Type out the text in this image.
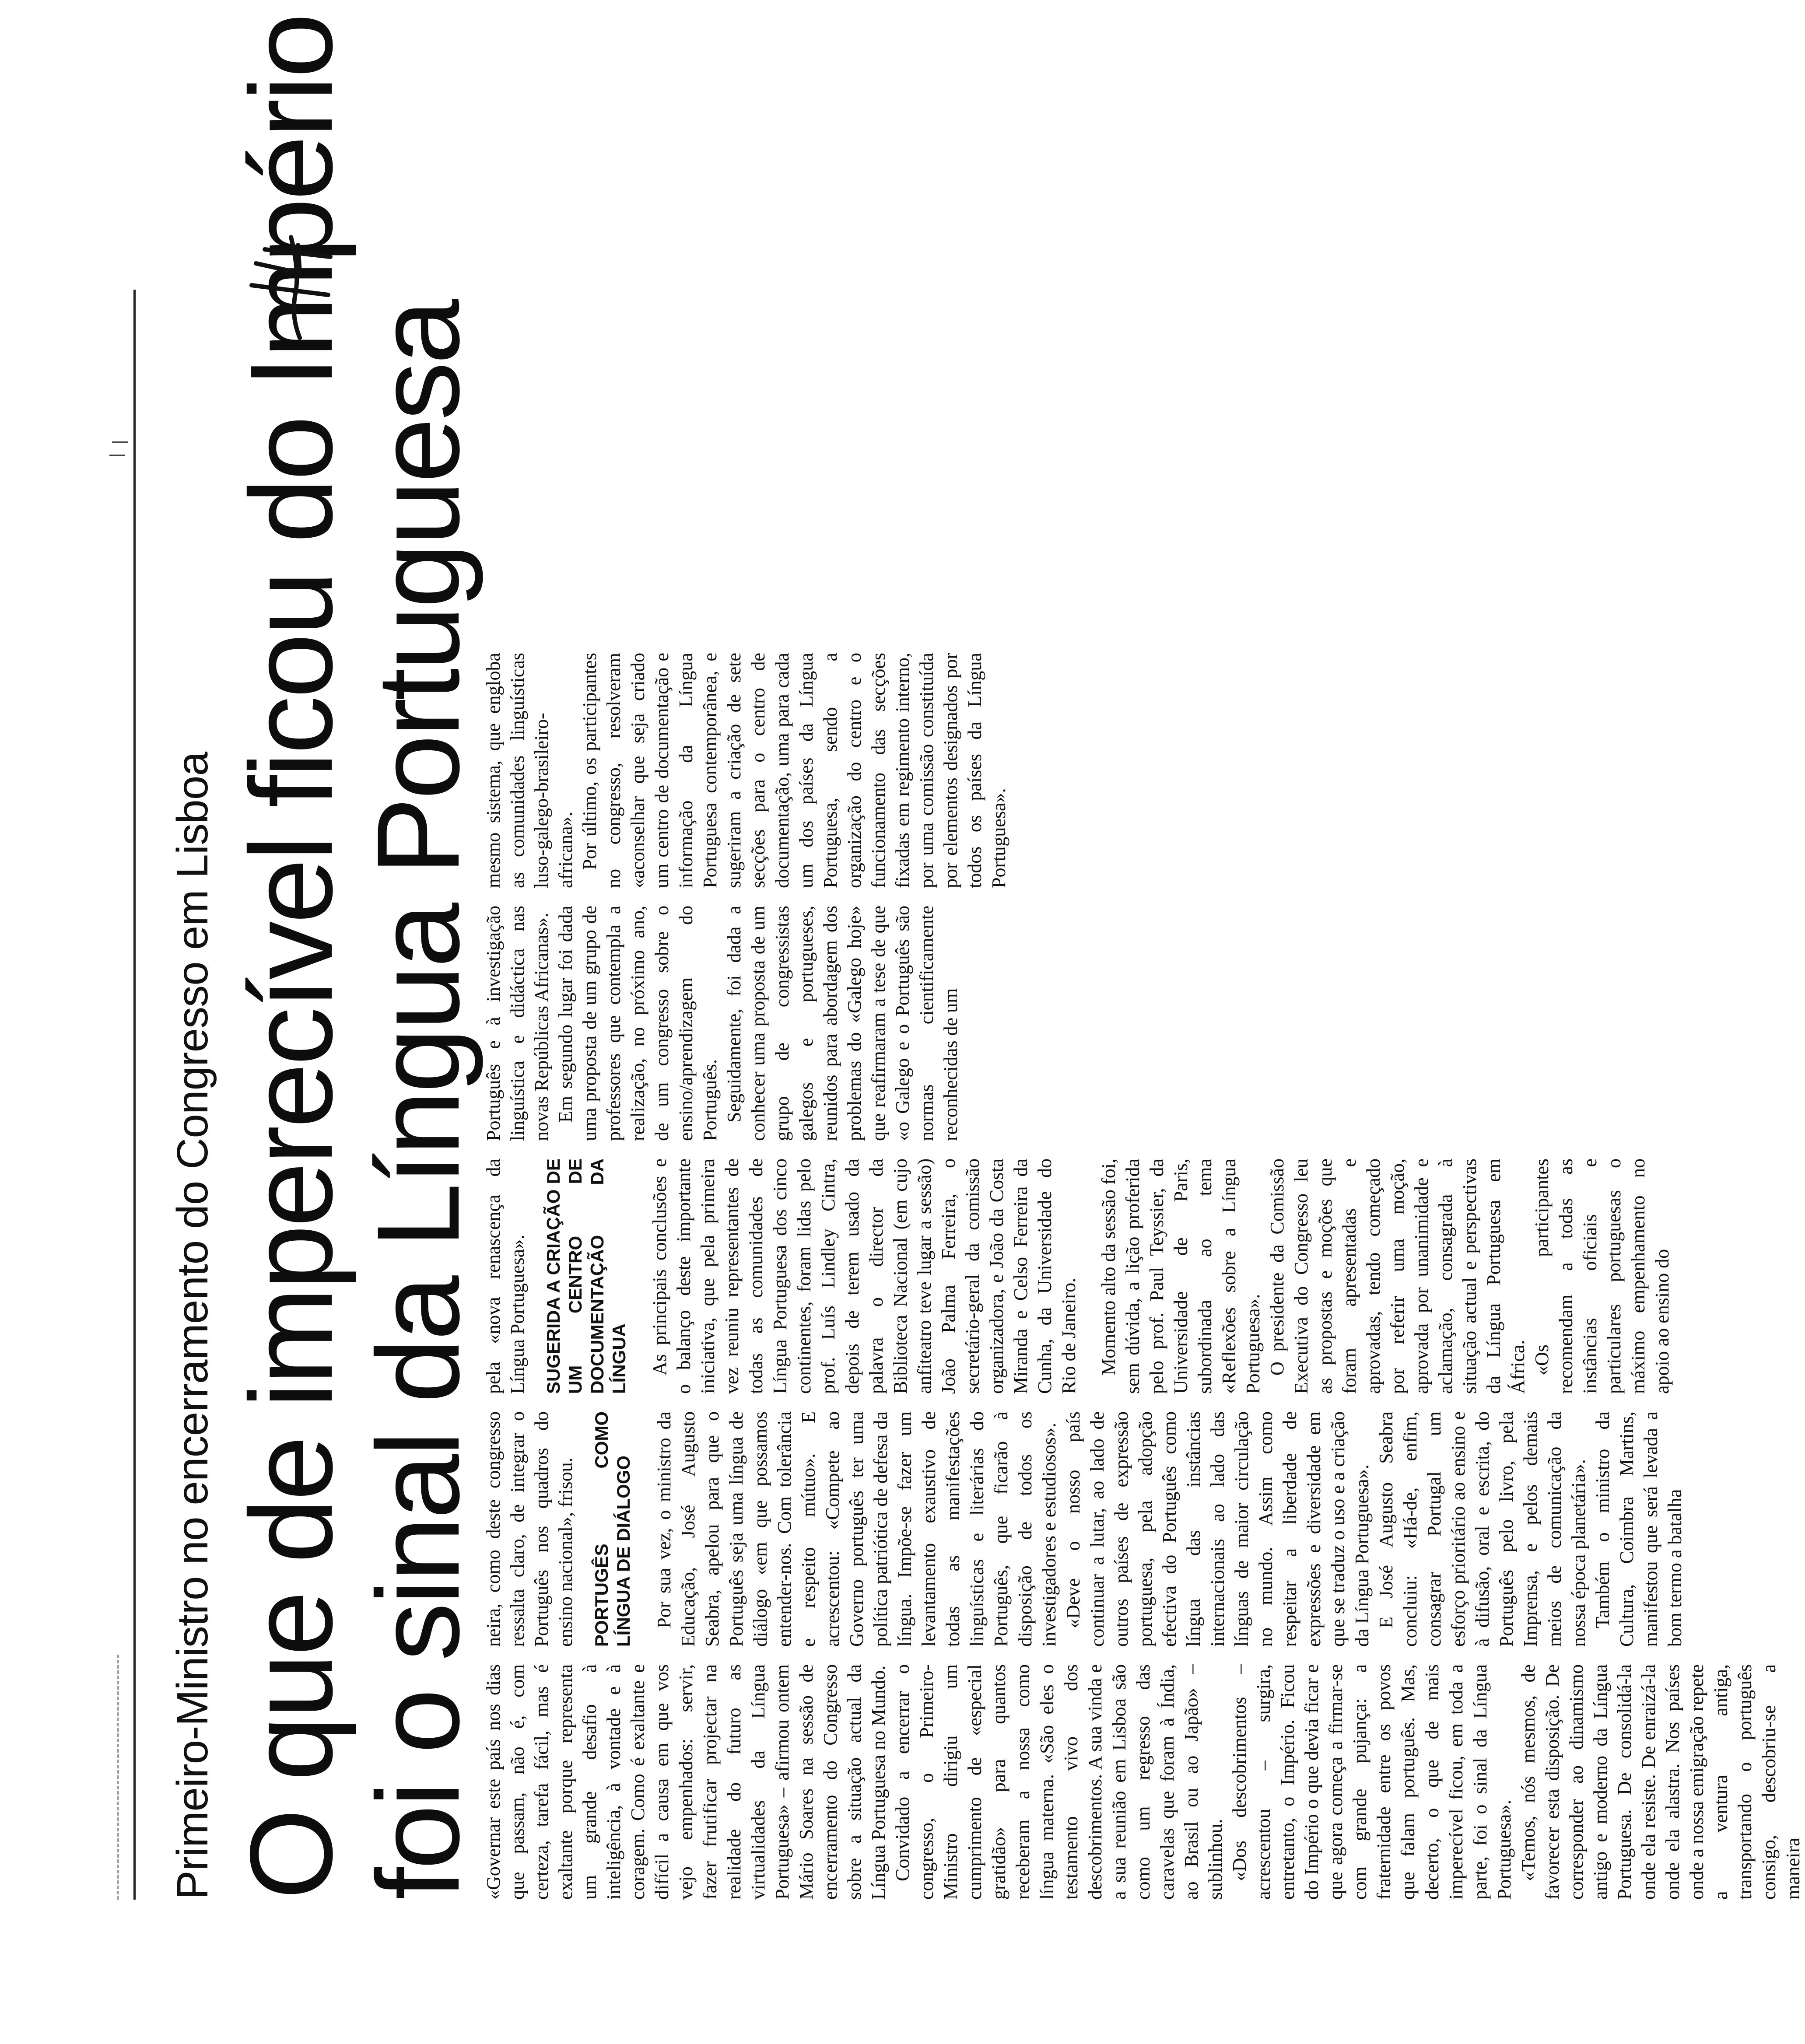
Primeiro-Ministro no encerramento do Congresso em Lisboa O que de imperecível ficou do Império
foi o sinal da Língua Portuguesa

«Governar este país nos dias que passam, não é, com certeza, tarefa fácil, mas é exaltante porque representa um grande desafio à inteligência, à vontade e à coragem. Como é exaltante e difícil a causa em que vos vejo empenhados: servir, fazer frutificar projectar na realidade do futuro as virtualidades da Língua Portuguesa» – afirmou ontem Mário Soares na sessão de encerramento do Congresso sobre a situação actual da Língua Portuguesa no Mundo. Convidado a encerrar o congresso, o Primeiro-Ministro dirigiu um cumprimento de «especial gratidão» para quantos receberam a nossa como língua materna. «São eles o testamento vivo dos descobrimentos. A sua vinda e a sua reunião em Lisboa são como um regresso das caravelas que foram à Índia, ao Brasil ou ao Japão» – sublinhou. «Dos descobrimentos – acrescentou – surgira, entretanto, o Império. Ficou do Império o que devia ficar e que agora começa a firmar-se com grande pujança: a fraternidade entre os povos que falam português. Mas, decerto, o que de mais imperecível ficou, em toda a parte, foi o sinal da Língua Portuguesa». «Temos, nós mesmos, de favorecer esta disposição. De corresponder ao dinamismo antigo e moderno da Língua Portuguesa. De consolidá-la onde ela resiste. De enraizá-la onde ela alastra. Nos países onde a nossa emigração repete a ventura antiga, transportando o português consigo, descobriu-se a maneira

neira, como deste congresso ressalta claro, de integrar o Português nos quadros do ensino nacional», frisou. PORTUGÊS COMO LÍNGUA DE DIÁLOGO Por sua vez, o ministro da Educação, José Augusto Seabra, apelou para que o Português seja uma língua de diálogo «em que possamos entender-nos. Com tolerância e respeito mútuo». E acrescentou: «Compete ao Governo português ter uma política patriótica de defesa da língua. Impõe-se fazer um levantamento exaustivo de todas as manifestações linguísticas e literárias do Português, que ficarão à disposição de todos os investigadores e estudiosos». «Deve o nosso país continuar a lutar, ao lado de outros países de expressão portuguesa, pela adopção efectiva do Português como língua das instâncias internacionais ao lado das línguas de maior circulação no mundo. Assim como respeitar a liberdade de expressões e diversidade em que se traduz o uso e a criação da Língua Portuguesa». E José Augusto Seabra concluiu: «Há-de, enfim, consagrar Portugal um esforço prioritário ao ensino e à difusão, oral e escrita, do Português pelo livro, pela Imprensa, e pelos demais meios de comunicação da nossa época planetária». Também o ministro da Cultura, Coimbra Martins, manifestou que será levada a bom termo a batalha

pela «nova renascença da Língua Portuguesa». SUGERIDA A CRIAÇÃO DE UM CENTRO DE DOCUMENTAÇÃO DA LÍNGUA As principais conclusões e o balanço deste importante iniciativa, que pela primeira vez reuniu representantes de todas as comunidades de Língua Portuguesa dos cinco continentes, foram lidas pelo prof. Luís Lindley Cintra, depois de terem usado da palavra o director da Biblioteca Nacional (em cujo anfiteatro teve lugar a sessão) João Palma Ferreira, o secretário-geral da comissão organizadora, e João da Costa Miranda e Celso Ferreira da Cunha, da Universidade do Rio de Janeiro. Momento alto da sessão foi, sem dúvida, a lição proferida pelo prof. Paul Teyssier, da Universidade de Paris, subordinada ao tema «Reflexões sobre a Língua Portuguesa». O presidente da Comissão Executiva do Congresso leu as propostas e moções que foram apresentadas e aprovadas, tendo começado por referir uma moção, aprovada por unanimidade e aclamação, consagrada à situação actual e perspectivas da Língua Portuguesa em África. «Os participantes recomendam a todas as instâncias oficiais e particulares portuguesas o máximo empenhamento no apoio ao ensino do

Português e à investigação linguística e didáctica nas novas Repúblicas Africanas». Em segundo lugar foi dada uma proposta de um grupo de professores que contempla a realização, no próximo ano, de um congresso sobre o ensino/aprendizagem do Português. Seguidamente, foi dada a conhecer uma proposta de um grupo de congressistas galegos e portugueses, reunidos para abordagem dos problemas do «Galego hoje» que reafirmaram a tese de que «o Galego e o Português são normas cientificamente reconhecidas de um

mesmo sistema, que engloba as comunidades linguísticas luso-galego-brasileiro-africana». Por último, os participantes no congresso, resolveram «aconselhar que seja criado um centro de documentação e informação da Língua Portuguesa contemporânea, e sugeriram a criação de sete secções para o centro de documentação, uma para cada um dos países da Língua Portuguesa, sendo a organização do centro e o funcionamento das secções fixadas em regimento interno, por uma comissão constituída por elementos designados por todos os países da Língua Portuguesa».
